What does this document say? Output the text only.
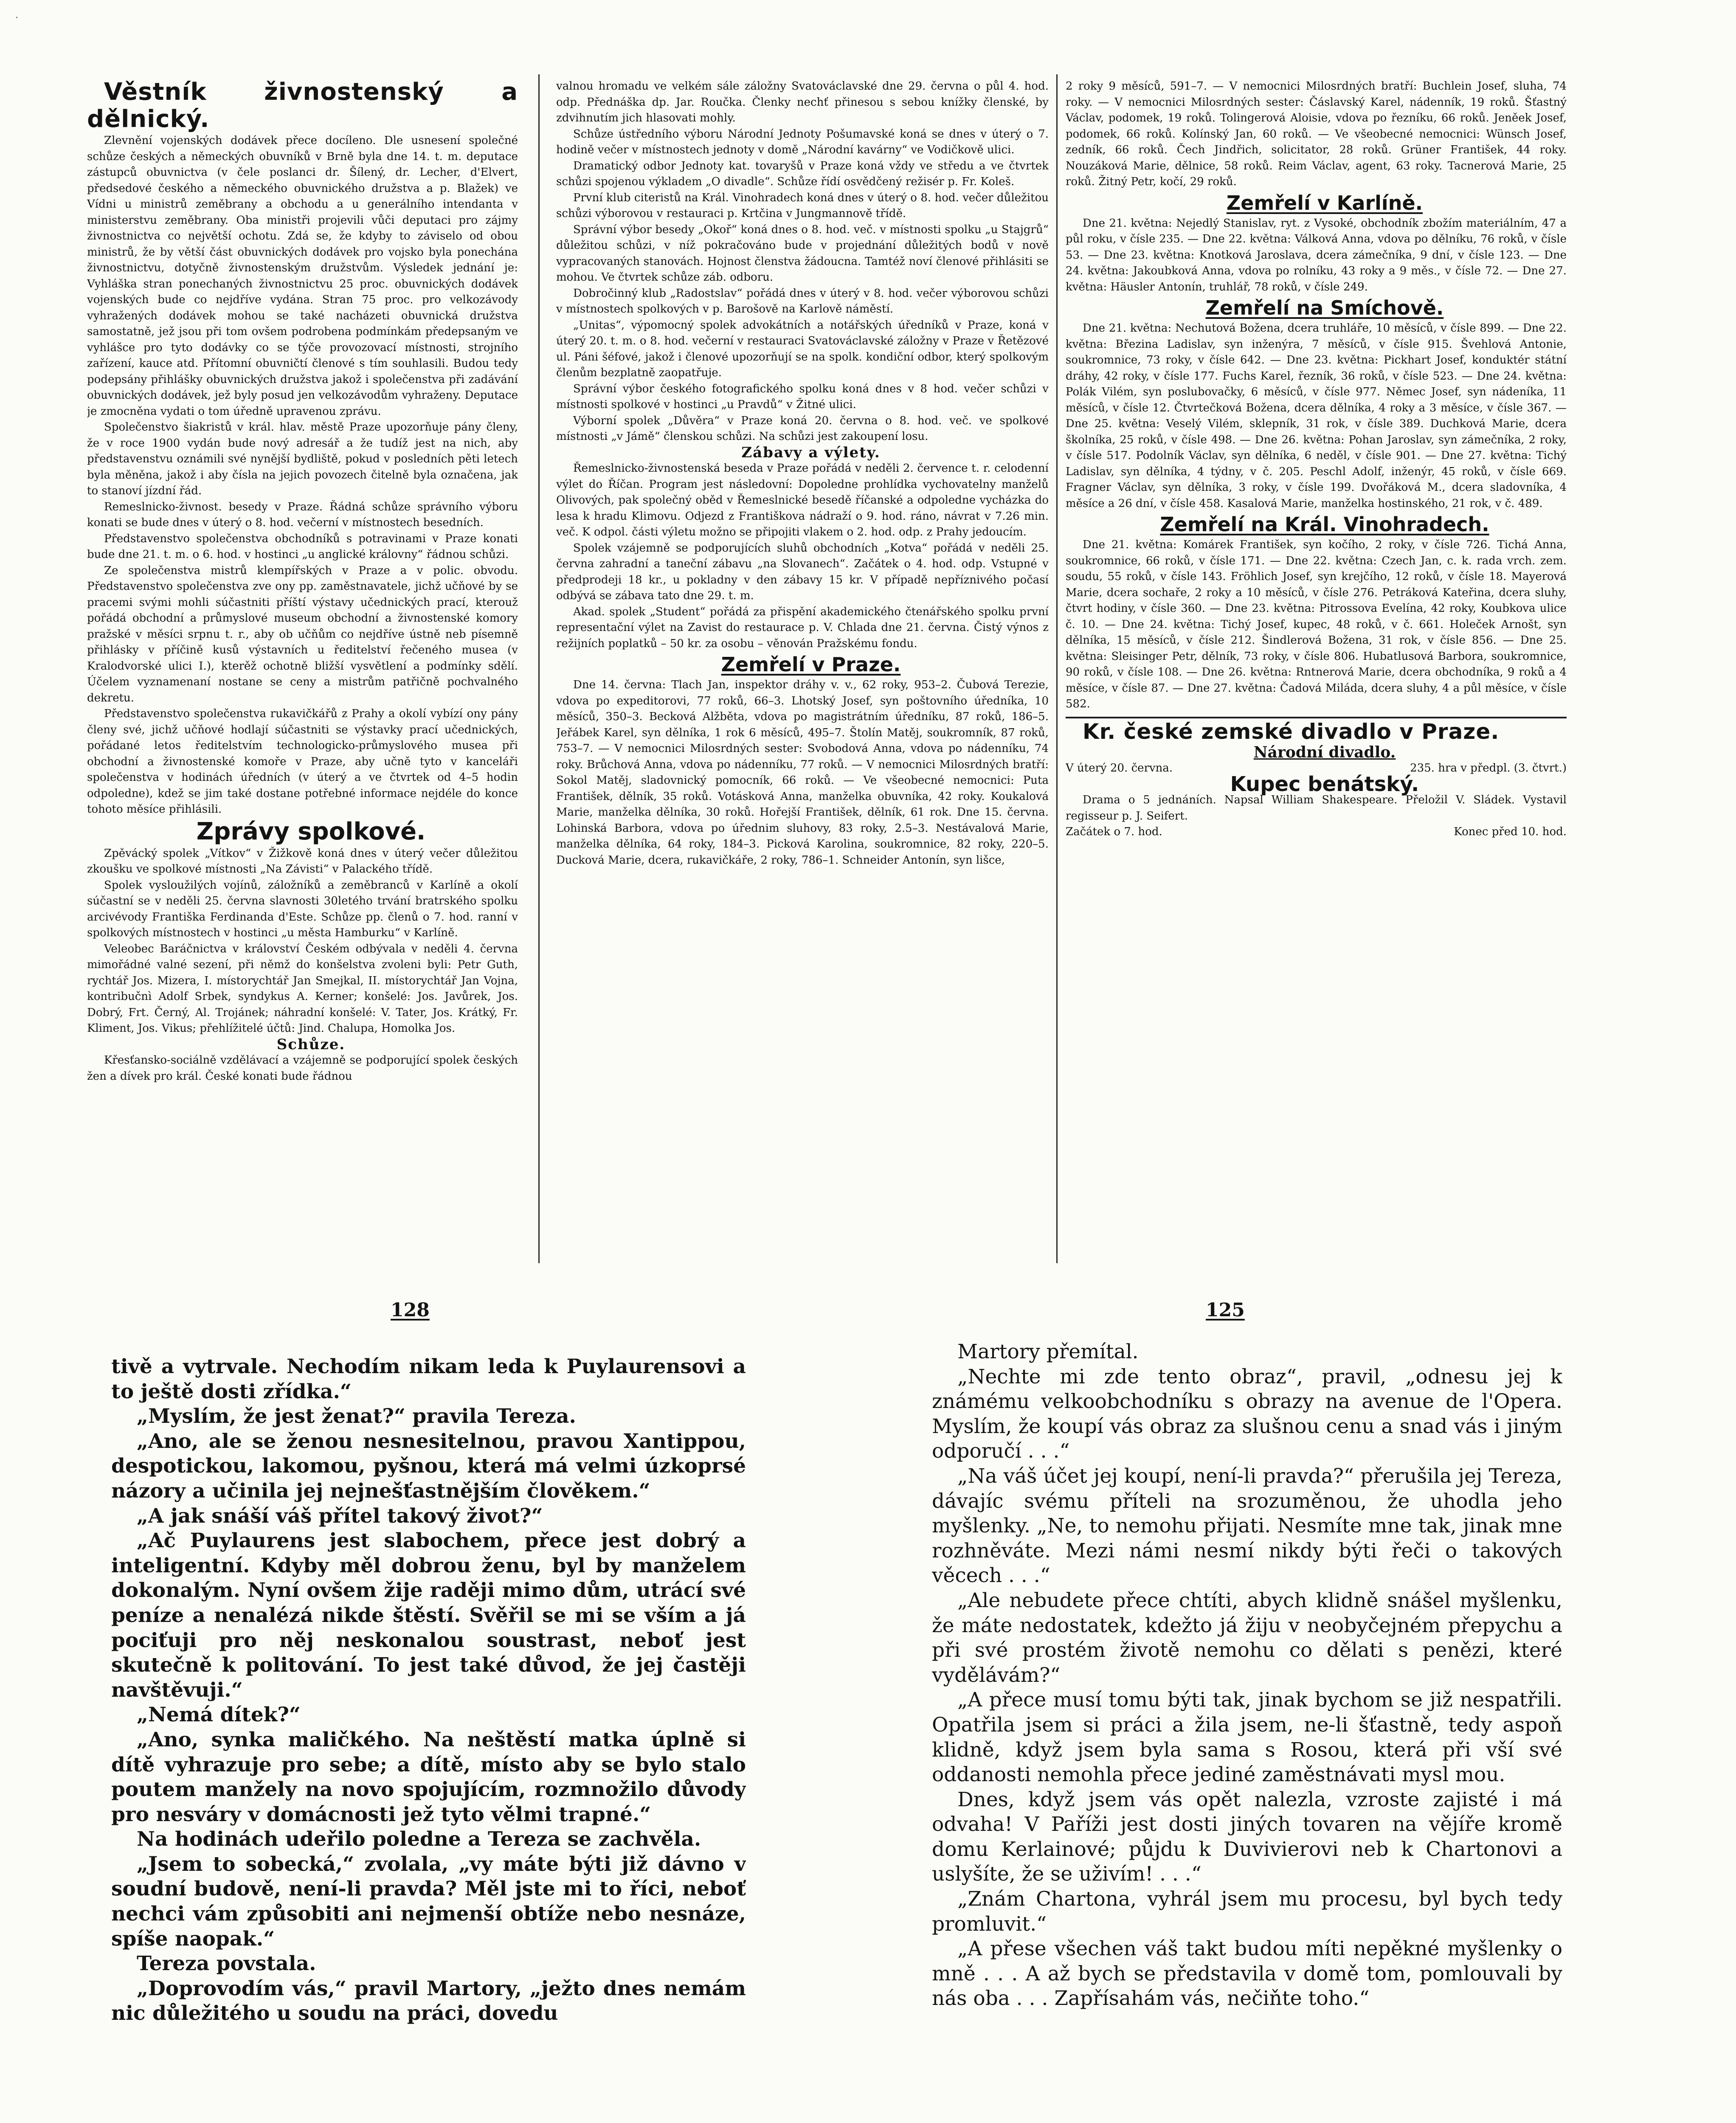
·

Věstník živnostenský a dělnický.

Zlevnění vojenských dodávek přece docíleno. Dle usnesení společné schůze českých a německých obuvníků v Brně byla dne 14. t. m. deputace zástupců obuvnictva (v čele poslanci dr. Šílený, dr. Lecher, d'Elvert, předsedové českého a německého obuvnického družstva a p. Blažek) ve Vídni u ministrů zeměbrany a obchodu a u generálního intendanta v ministerstvu zeměbrany. Oba ministři projevili vůči deputaci pro zájmy živnostnictva co největší ochotu. Zdá se, že kdyby to záviselo od obou ministrů, že by větší část obuvnických dodávek pro vojsko byla ponechána živnostnictvu, dotyčně živnostenským družstvům. Výsledek jednání je: Vyhláška stran ponechaných živnostnictvu 25 proc. obuvnických dodávek vojenských bude co nejdříve vydána. Stran 75 proc. pro velkozávody vyhražených dodávek mohou se také nacházeti obuvnická družstva samostatně, jež jsou při tom ovšem podrobena podmínkám předepsaným ve vyhlášce pro tyto dodávky co se týče provozovací místnosti, strojního zařízení, kauce atd. Přítomní obuvničtí členové s tím souhlasili. Budou tedy podepsány přihlášky obuvnických družstva jakož i společenstva při zadávání obuvnických dodávek, jež byly posud jen velkozávodům vyhraženy. Deputace je zmocněna vydati o tom úředně upravenou zprávu.

Společenstvo šiakristů v král. hlav. městě Praze upozorňuje pány členy, že v roce 1900 vydán bude nový adresář a že tudíž jest na nich, aby představenstvu oznámili své nynější bydliště, pokud v posledních pěti letech byla měněna, jakož i aby čísla na jejich povozech čitelně byla označena, jak to stanoví jízdní řád.

Remeslnicko-živnost. besedy v Praze. Řádná schůze správního výboru konati se bude dnes v úterý o 8. hod. večerní v místnostech besedních.

Představenstvo společenstva obchodníků s potravinami v Praze konati bude dne 21. t. m. o 6. hod. v hostinci „u anglické královny“ řádnou schůzi.

Ze společenstva mistrů klempířských v Praze a v polic. obvodu. Představenstvo společenstva zve ony pp. zaměstnavatele, jichž učňové by se pracemi svými mohli súčastniti příští výstavy učednických prací, kterouž pořádá obchodní a průmyslové museum obchodní a živnostenské komory pražské v měsíci srpnu t. r., aby ob učňům co nejdříve ústně neb písemně přihlásky v příčině kusů výstavních u ředitelství řečeného musea (v Kralodvorské ulici I.), kterěž ochotně bližší vysvětlení a podmínky sdělí. Účelem vyznamenaní nostane se ceny a mistrům patřičně pochvalného dekretu.

Představenstvo společenstva rukavičkářů z Prahy a okolí vybízí ony pány členy své, jichž učňové hodlají súčastniti se výstavky prací učednických, pořádané letos ředitelstvím technologicko-průmyslového musea při obchodní a živnostenské komoře v Praze, aby učně tyto v kanceláři společenstva v hodinách úředních (v úterý a ve čtvrtek od 4–5 hodin odpoledne), kdež se jim také dostane potřebné informace nejdéle do konce tohoto měsíce přihlásili.

Zprávy spolkové.

Zpěvácký spolek „Vítkov“ v Žižkově koná dnes v úterý večer důležitou zkoušku ve spolkové místnosti „Na Závisti“ v Palackého třídě.

Spolek vysloužilých vojínů, záložníků a zeměbranců v Karlíně a okolí súčastní se v neděli 25. června slavnosti 30letého trvání bratrského spolku arcivévody Františka Ferdinanda d'Este. Schůze pp. členů o 7. hod. ranní v spolkových místnostech v hostinci „u města Hamburku“ v Karlíně.

Veleobec Baráčnictva v království Českém odbývala v neděli 4. června mimořádné valné sezení, při němž do konšelstva zvoleni byli: Petr Guth, rychtář Jos. Mizera, I. místorychtář Jan Smejkal, II. místorychtář Jan Vojna, kontribučnì Adolf Srbek, syndykus A. Kerner; konšelé: Jos. Javůrek, Jos. Dobrý, Frt. Černý, Al. Trojánek; náhradní konšelé: V. Tater, Jos. Krátký, Fr. Kliment, Jos. Vikus; přehlížitelé účtů: Jind. Chalupa, Homolka Jos.

Schůze.

Křesťansko-sociálně vzdělávací a vzájemně se podporující spolek českých žen a dívek pro král. České konati bude řádnou

valnou hromadu ve velkém sále záložny Svatováclavské dne 29. června o půl 4. hod. odp. Přednáška dp. Jar. Roučka. Členky nechť přinesou s sebou knížky členské, by zdvihnutím jich hlasovati mohly.

Schůze ústředního výboru Národní Jednoty Pošumavské koná se dnes v úterý o 7. hodině večer v místnostech jednoty v domě „Národní kavárny“ ve Vodičkově ulici.

Dramatický odbor Jednoty kat. tovaryšů v Praze koná vždy ve středu a ve čtvrtek schůzi spojenou výkladem „O divadle“. Schůze řídí osvědčený režisér p. Fr. Koleš.

První klub citeristů na Král. Vinohradech koná dnes v úterý o 8. hod. večer důležitou schůzi výborovou v restauraci p. Krtčina v Jungmannově třídě.

Správní výbor besedy „Okoř“ koná dnes o 8. hod. več. v místnosti spolku „u Stajgrů“ důležitou schůzi, v níž pokračováno bude v projednání důležitých bodů v nově vypracovaných stanovách. Hojnost členstva žádoucna. Tamtéž noví členové přihlásiti se mohou. Ve čtvrtek schůze záb. odboru.

Dobročinný klub „Radostslav“ pořádá dnes v úterý v 8. hod. večer výborovou schůzi v místnostech spolkových v p. Barošově na Karlově náměstí.

„Unitas“, výpomocný spolek advokátních a notářských úředníků v Praze, koná v úterý 20. t. m. o 8. hod. večerní v restauraci Svatováclavské záložny v Praze v Řetězové ul. Páni šéfové, jakož i členové upozorňují se na spolk. kondiční odbor, který spolkovým členům bezplatně zaopatřuje.

Správní výbor českého fotografického spolku koná dnes v 8 hod. večer schůzi v místnosti spolkové v hostinci „u Pravdů“ v Žitné ulici.

Výborní spolek „Důvěra“ v Praze koná 20. června o 8. hod. več. ve spolkové místnosti „v Jámě“ členskou schůzi. Na schůzi jest zakoupení losu.

Zábavy a výlety.

Řemeslnicko-živnostenská beseda v Praze pořádá v neděli 2. července t. r. celodenní výlet do Říčan. Program jest následovní: Dopoledne prohlídka vychovatelny manželů Olivových, pak společný oběd v Řemeslnické besedě říčanské a odpoledne vycházka do lesa k hradu Klimovu. Odjezd z Františkova nádraží o 9. hod. ráno, návrat v 7.26 min. več. K odpol. části výletu možno se připojiti vlakem o 2. hod. odp. z Prahy jedoucím.

Spolek vzájemně se podporujících sluhů obchodních „Kotva“ pořádá v neděli 25. června zahradní a taneční zábavu „na Slovanech“. Začátek o 4. hod. odp. Vstupné v předprodeji 18 kr., u pokladny v den zábavy 15 kr. V případě nepříznivého počasí odbývá se zábava tato dne 29. t. m.

Akad. spolek „Student“ pořádá za přispění akademického čtenářského spolku první representační výlet na Zavist do restaurace p. V. Chlada dne 21. června. Čistý výnos z režijních poplatků – 50 kr. za osobu – věnován Pražskému fondu.

Zemřelí v Praze.

Dne 14. června: Tlach Jan, inspektor dráhy v. v., 62 roky, 953–2. Čubová Terezie, vdova po expeditorovi, 77 roků, 66–3. Lhotský Josef, syn poštovního úředníka, 10 měsíců, 350–3. Becková Alžběta, vdova po magistrátním úředníku, 87 roků, 186–5. Jeřábek Karel, syn dělníka, 1 rok 6 měsíců, 495–7. Štolín Matěj, soukromník, 87 roků, 753–7. — V nemocnici Milosrdných sester: Svobodová Anna, vdova po nádenníku, 74 roky. Brůchová Anna, vdova po nádenníku, 77 roků. — V nemocnici Milosrdných bratří: Sokol Matěj, sladovnický pomocník, 66 roků. — Ve všeobecné nemocnici: Puta František, dělník, 35 roků. Votásková Anna, manželka obuvníka, 42 roky. Koukalová Marie, manželka dělníka, 30 roků. Hořejší František, dělník, 61 rok. Dne 15. června. Lohinská Barbora, vdova po úřednim sluhovy, 83 roky, 2.5–3. Nestávalová Marie, manželka dělníka, 64 roky, 184–3. Picková Karolina, soukromnice, 82 roky, 220–5. Ducková Marie, dcera, rukavičkáře, 2 roky, 786–1. Schneider Antonín, syn lišce,

2 roky 9 měsíců, 591–7. — V nemocnici Milosrdných bratří: Buchlein Josef, sluha, 74 roky. — V nemocnici Milosrdných sester: Čáslavský Karel, nádenník, 19 roků. Šťastný Václav, podomek, 19 roků. Tolingerová Aloisie, vdova po řezníku, 66 roků. Jeněek Josef, podomek, 66 roků. Kolínský Jan, 60 roků. — Ve všeobecné nemocnici: Wünsch Josef, zedník, 66 roků. Čech Jindřich, solicitator, 28 roků. Grüner František, 44 roky. Nouzáková Marie, dělnice, 58 roků. Reim Václav, agent, 63 roky. Tacnerová Marie, 25 roků. Žitný Petr, kočí, 29 roků.

Zemřelí v Karlíně.

Dne 21. května: Nejedlý Stanislav, ryt. z Vysoké, obchodník zbožím materiálním, 47 a půl roku, v čísle 235. — Dne 22. května: Válková Anna, vdova po dělníku, 76 roků, v čísle 53. — Dne 23. května: Knotková Jaroslava, dcera zámečníka, 9 dní, v čísle 123. — Dne 24. května: Jakoubková Anna, vdova po rolníku, 43 roky a 9 měs., v čísle 72. — Dne 27. května: Häusler Antonín, truhlář, 78 roků, v čísle 249.

Zemřelí na Smíchově.

Dne 21. května: Nechutová Božena, dcera truhláře, 10 měsíců, v čísle 899. — Dne 22. května: Březina Ladislav, syn inženýra, 7 měsíců, v čísle 915. Švehlová Antonie, soukromnice, 73 roky, v čísle 642. — Dne 23. května: Pickhart Josef, konduktér státní dráhy, 42 roky, v čísle 177. Fuchs Karel, řezník, 36 roků, v čísle 523. — Dne 24. května: Polák Vilém, syn poslubovačky, 6 měsíců, v čísle 977. Němec Josef, syn nádeníka, 11 měsíců, v čísle 12. Čtvrtečková Božena, dcera dělníka, 4 roky a 3 měsíce, v čísle 367. — Dne 25. května: Veselý Vilém, sklepník, 31 rok, v čísle 389. Duchková Marie, dcera školníka, 25 roků, v čísle 498. — Dne 26. května: Pohan Jaroslav, syn zámečníka, 2 roky, v čísle 517. Podolník Václav, syn dělníka, 6 neděl, v čísle 901. — Dne 27. května: Tichý Ladislav, syn dělníka, 4 týdny, v č. 205. Peschl Adolf, inženýr, 45 roků, v čísle 669. Fragner Václav, syn dělníka, 3 roky, v čísle 199. Dvořáková M., dcera sladovníka, 4 měsíce a 26 dní, v čísle 458. Kasalová Marie, manželka hostinského, 21 rok, v č. 489.

Zemřelí na Král. Vinohradech.

Dne 21. května: Komárek František, syn kočího, 2 roky, v čísle 726. Tichá Anna, soukromnice, 66 roků, v čísle 171. — Dne 22. května: Czech Jan, c. k. rada vrch. zem. soudu, 55 roků, v čísle 143. Fröhlich Josef, syn krejčího, 12 roků, v čísle 18. Mayerová Marie, dcera sochaře, 2 roky a 10 měsíců, v čísle 276. Petráková Kateřina, dcera sluhy, čtvrt hodiny, v čísle 360. — Dne 23. května: Pitrossova Evelína, 42 roky, Koubkova ulice č. 10. — Dne 24. května: Tichý Josef, kupec, 48 roků, v č. 661. Holeček Arnošt, syn dělníka, 15 měsíců, v čísle 212. Šindlerová Božena, 31 rok, v čísle 856. — Dne 25. května: Sleisinger Petr, dělník, 73 roky, v čísle 806. Hubatlusová Barbora, soukromnice, 90 roků, v čísle 108. — Dne 26. května: Rntnerová Marie, dcera obchodníka, 9 roků a 4 měsíce, v čísle 87. — Dne 27. května: Čadová Miláda, dcera sluhy, 4 a půl měsíce, v čísle 582.

Kr. české zemské divadlo v Praze.

Národní divadlo.

V úterý 20. června.	235. hra v předpl. (3. čtvrt.)

Kupec benátský.

Drama o 5 jednáních. Napsal William Shakespeare. Přeložil V. Sládek. Vystavil regisseur p. J. Seifert.

Začátek o 7. hod.	Konec před 10. hod.
128	125

tivě a vytrvale. Nechodím nikam leda k Puylaurensovi a to ještě dosti zřídka.“

„Myslím, že jest ženat?“ pravila Tereza.

„Ano, ale se ženou nesnesitelnou, pravou Xantippou, despotickou, lakomou, pyšnou, která má velmi úzkoprsé názory a učinila jej nejnešťastnějším člověkem.“

„A jak snáší váš přítel takový život?“

„Ač Puylaurens jest slabochem, přece jest dobrý a inteligentní. Kdyby měl dobrou ženu, byl by manželem dokonalým. Nyní ovšem žije raději mimo dům, utrácí své peníze a nenalézá nikde štěstí. Svěřil se mi se vším a já pociťuji pro něj neskonalou soustrast, neboť jest skutečně k politování. To jest také důvod, že jej častěji navštěvuji.“

„Nemá dítek?“

„Ano, synka maličkého. Na neštěstí matka úplně si dítě vyhrazuje pro sebe; a dítě, místo aby se bylo stalo poutem manžely na novo spojujícím, rozmnožilo důvody pro nesváry v domácnosti jež tyto vělmi trapné.“

Na hodinách udeřilo poledne a Tereza se zachvěla.

„Jsem to sobecká,“ zvolala, „vy máte býti již dávno v soudní budově, není-li pravda? Měl jste mi to říci, neboť nechci vám způsobiti ani nejmenší obtíže nebo nesnáze, spíše naopak.“

Tereza povstala.

„Doprovodím vás,“ pravil Martory, „ježto dnes nemám nic důležitého u soudu na práci, dovedu

Martory přemítal.

„Nechte mi zde tento obraz“, pravil, „odnesu jej k známému velkoobchodníku s obrazy na avenue de l'Opera. Myslím, že koupí vás obraz za slušnou cenu a snad vás i jiným odporučí . . .“

„Na váš účet jej koupí, není-li pravda?“ přerušila jej Tereza, dávajíc svému příteli na srozuměnou, že uhodla jeho myšlenky. „Ne, to nemohu přijati. Nesmíte mne tak, jinak mne rozhněváte. Mezi námi nesmí nikdy býti řeči o takových věcech . . .“

„Ale nebudete přece chtíti, abych klidně snášel myšlenku, že máte nedostatek, kdežto já žiju v neobyčejném přepychu a při své prostém životě nemohu co dělati s penězi, které vydělávám?“

„A přece musí tomu býti tak, jinak bychom se již nespatřili. Opatřila jsem si práci a žila jsem, ne-li šťastně, tedy aspoň klidně, když jsem byla sama s Rosou, která při vší své oddanosti nemohla přece jediné zaměstnávati mysl mou.

Dnes, když jsem vás opět nalezla, vzroste zajisté i má odvaha! V Paříži jest dosti jiných tovaren na vějíře kromě domu Kerlainové; půjdu k Duvivierovi neb k Chartonovi a uslyšíte, že se uživím! . . .“

„Znám Chartona, vyhrál jsem mu procesu, byl bych tedy promluvit.“

„A přese všechen váš takt budou míti nepěkné myšlenky o mně . . . A až bych se představila v domě tom, pomlouvali by nás oba . . . Zapřísahám vás, nečiňte toho.“
